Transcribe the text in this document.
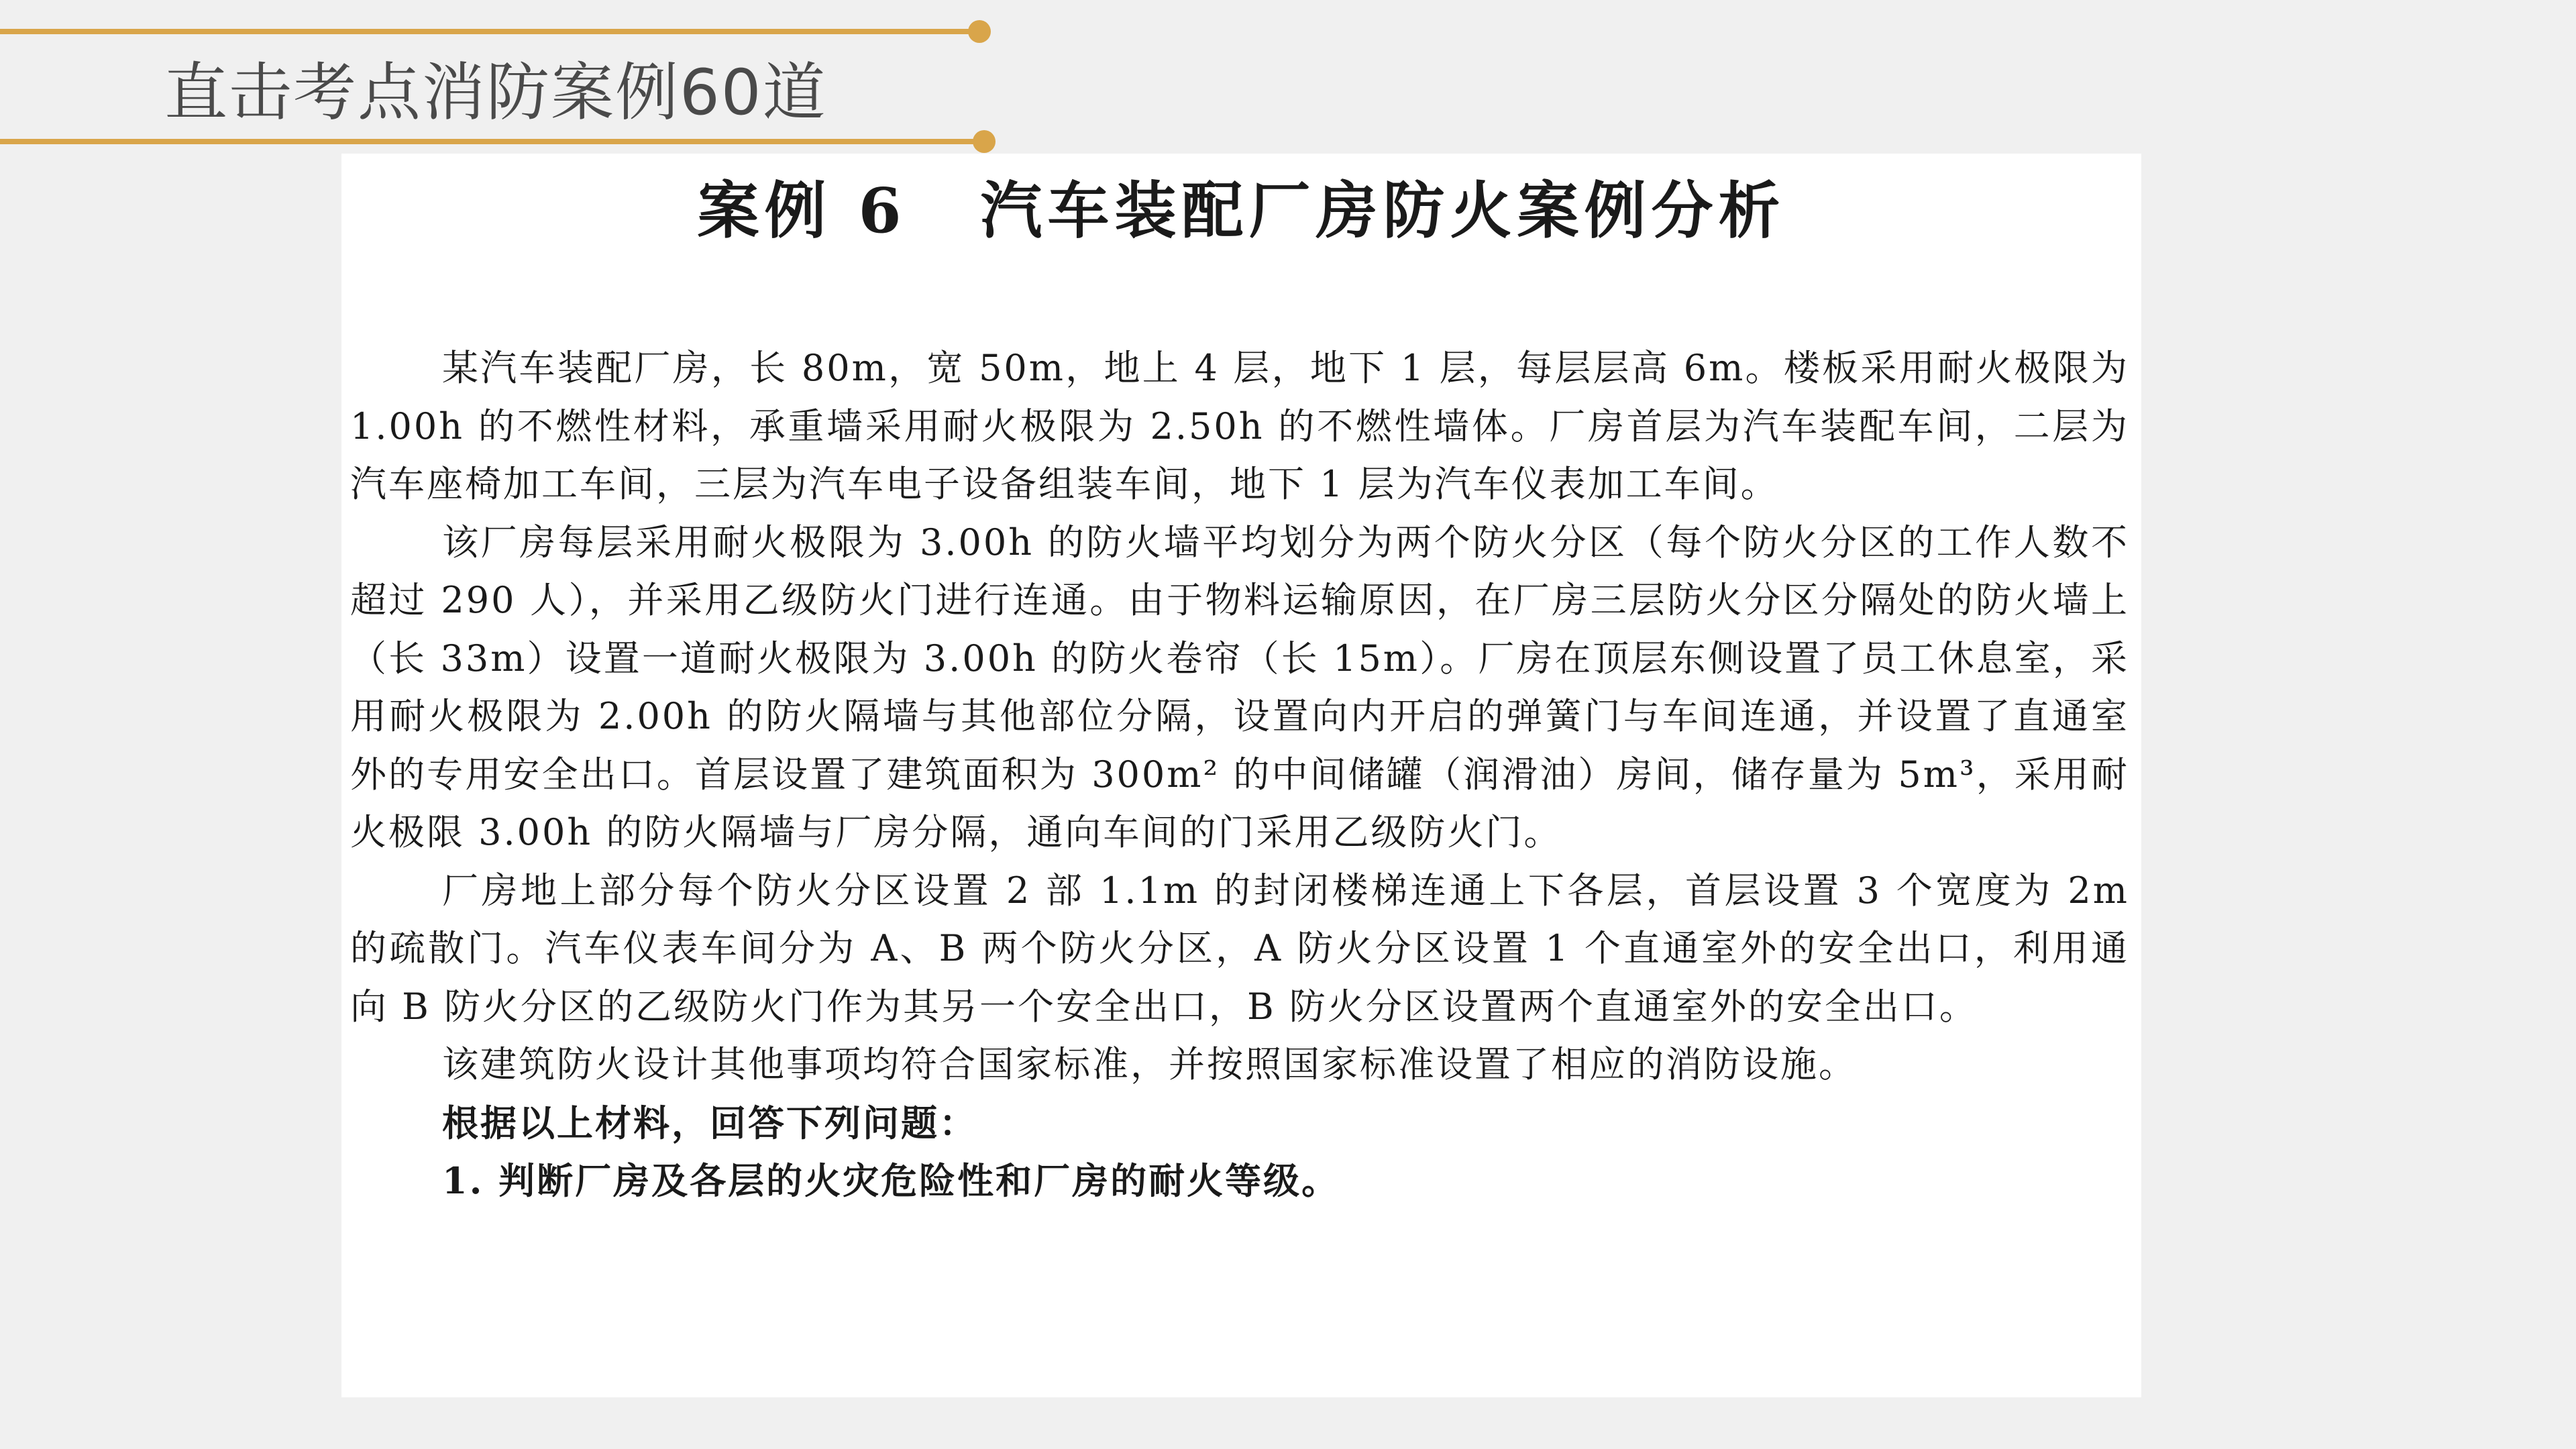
直击考点消防案例60道
案例 6 汽车装配厂房防火案例分析

某汽车装配厂房，长 80m，宽 50m，地上 4 层，地下 1 层，每层层高 6m。楼板采用耐火极限为 1.00h 的不燃性材料，承重墙采用耐火极限为 2.50h 的不燃性墙体。厂房首层为汽车装配车间，二层为汽车座椅加工车间，三层为汽车电子设备组装车间，地下 1 层为汽车仪表加工车间。

该厂房每层采用耐火极限为 3.00h 的防火墙平均划分为两个防火分区（每个防火分区的工作人数不超过 290 人），并采用乙级防火门进行连通。由于物料运输原因，在厂房三层防火分区分隔处的防火墙上（长 33m）设置一道耐火极限为 3.00h 的防火卷帘（长 15m）。厂房在顶层东侧设置了员工休息室，采用耐火极限为 2.00h 的防火隔墙与其他部位分隔，设置向内开启的弹簧门与车间连通，并设置了直通室外的专用安全出口。首层设置了建筑面积为 300m² 的中间储罐（润滑油）房间，储存量为 5m³，采用耐火极限 3.00h 的防火隔墙与厂房分隔，通向车间的门采用乙级防火门。

厂房地上部分每个防火分区设置 2 部 1.1m 的封闭楼梯连通上下各层，首层设置 3 个宽度为 2m 的疏散门。汽车仪表车间分为 A、B 两个防火分区，A 防火分区设置 1 个直通室外的安全出口，利用通向 B 防火分区的乙级防火门作为其另一个安全出口，B 防火分区设置两个直通室外的安全出口。

该建筑防火设计其他事项均符合国家标准，并按照国家标准设置了相应的消防设施。

根据以上材料，回答下列问题：

1. 判断厂房及各层的火灾危险性和厂房的耐火等级。
